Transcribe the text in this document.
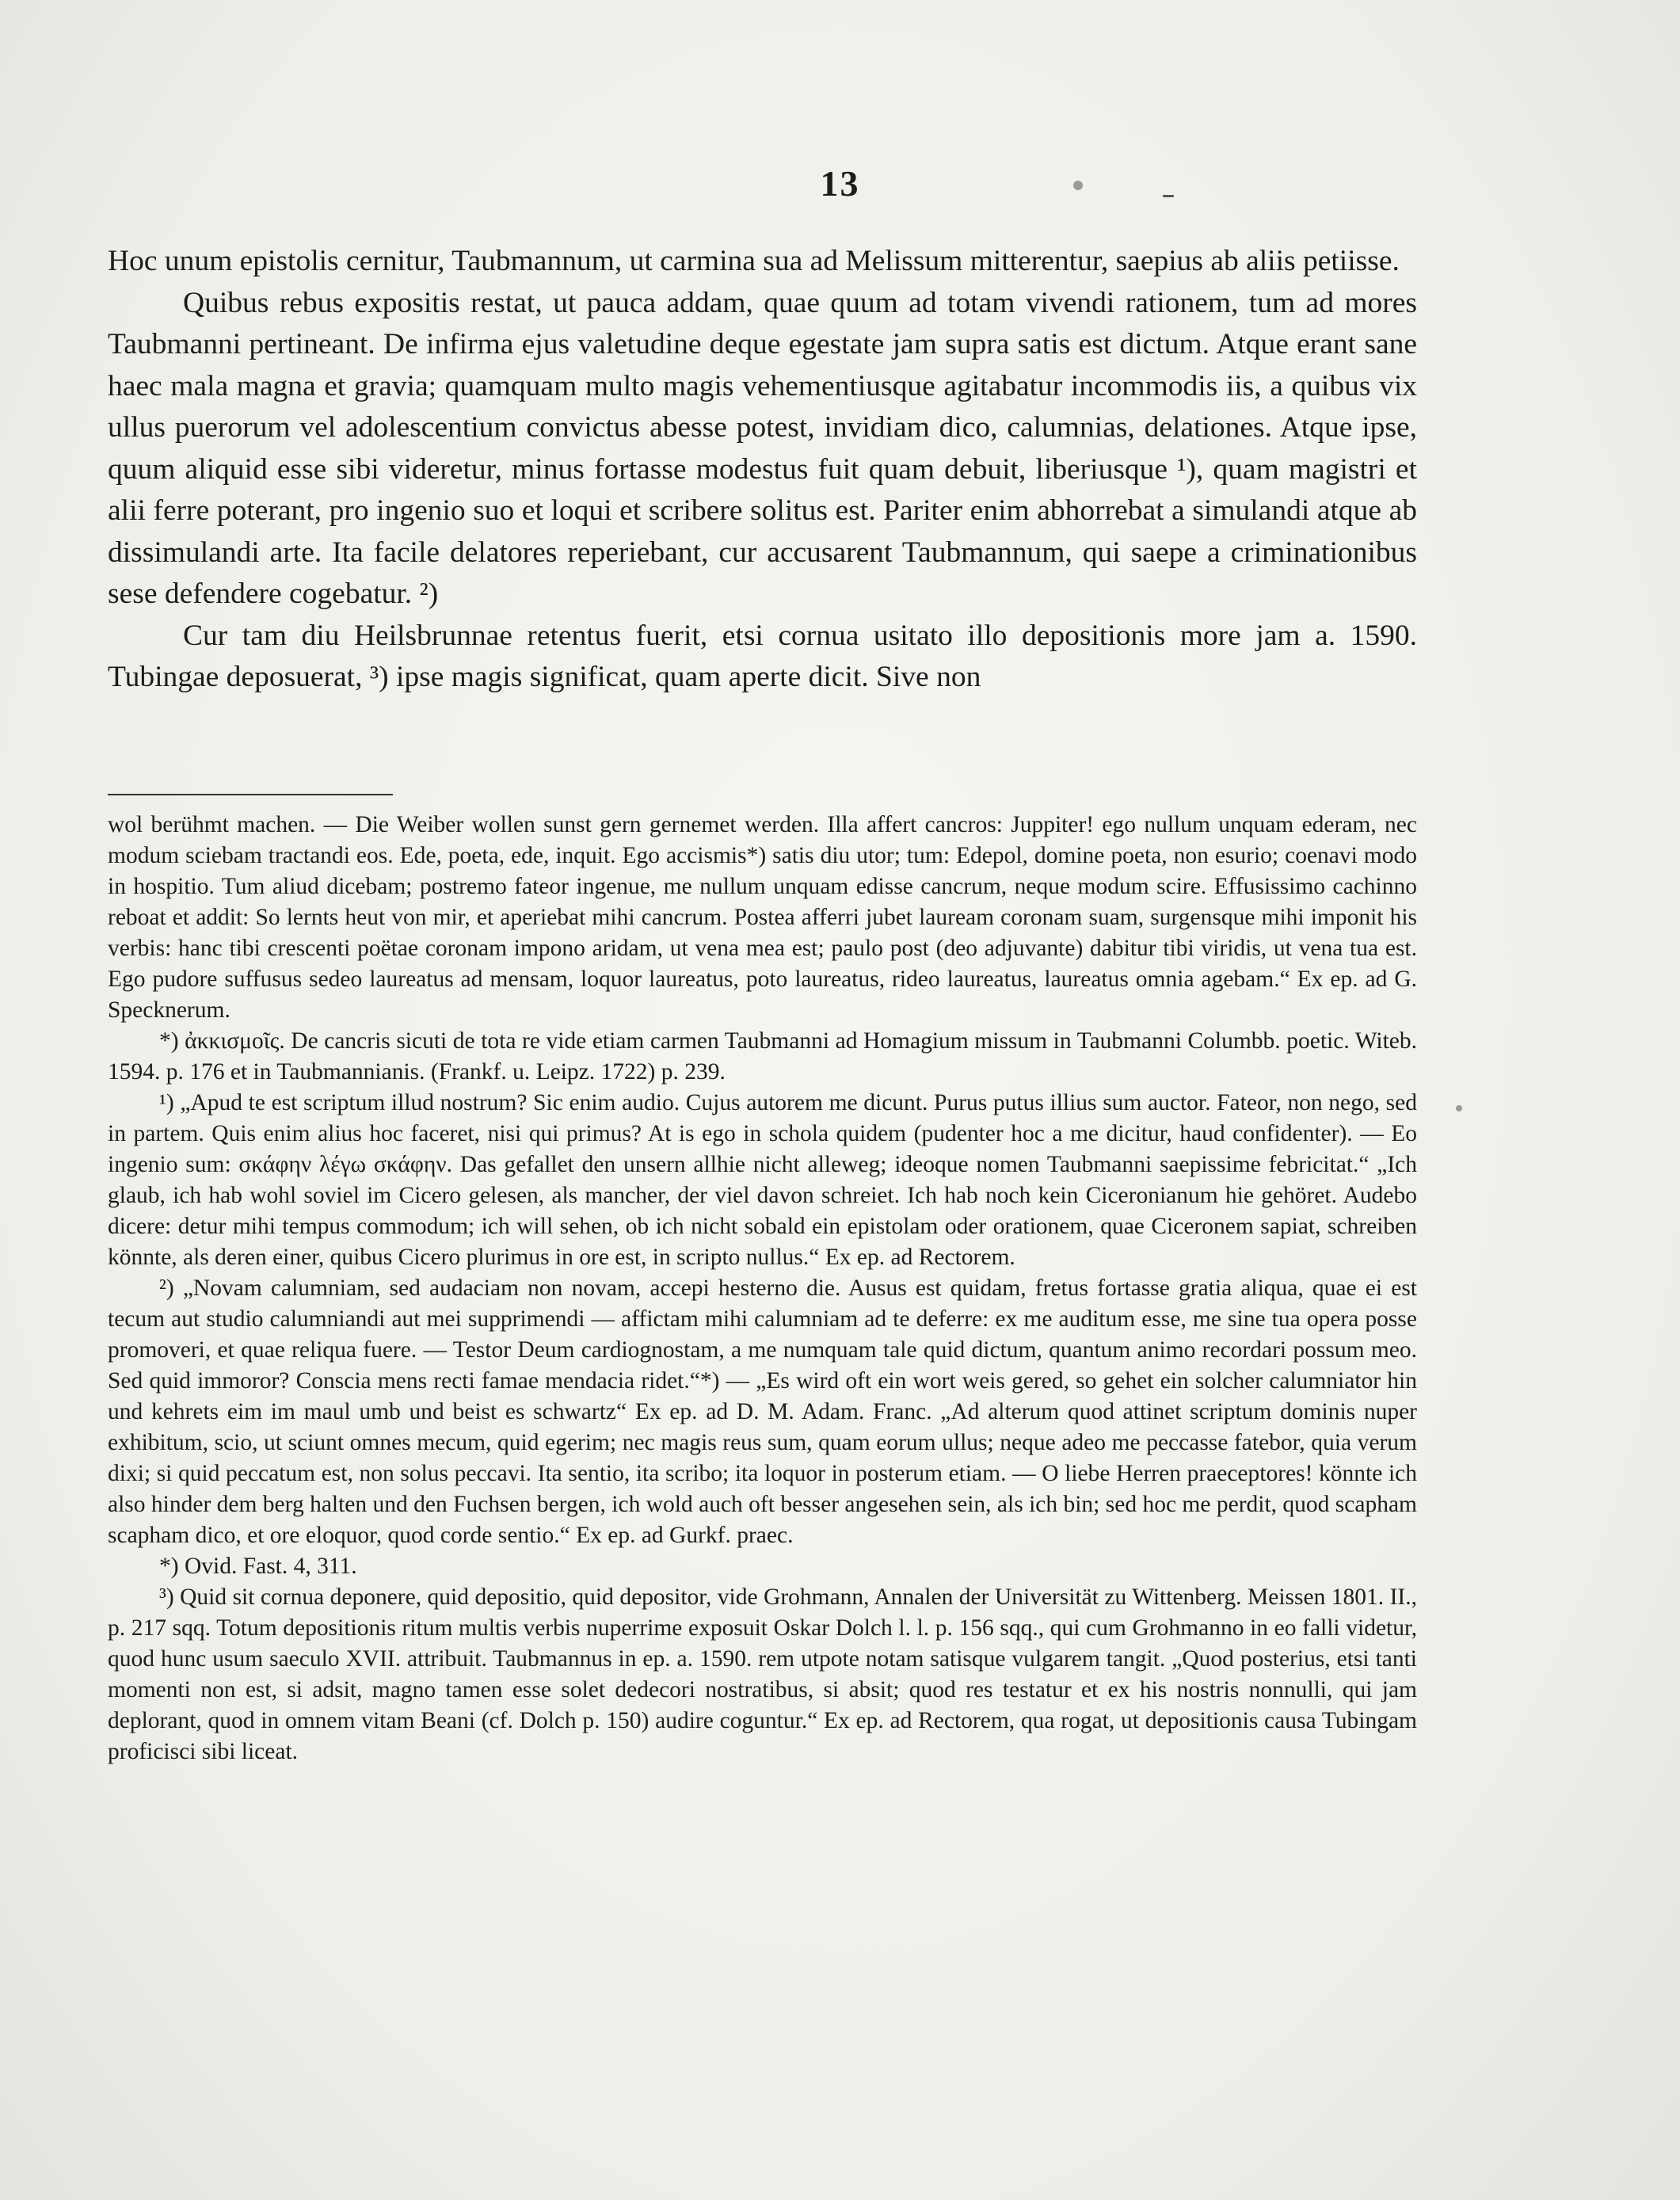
13

Hoc unum epistolis cernitur, Taubmannum, ut carmina sua ad Melissum mitterentur, saepius ab aliis petiisse.

Quibus rebus expositis restat, ut pauca addam, quae quum ad totam vivendi rationem, tum ad mores Taubmanni pertineant. De infirma ejus valetudine deque egestate jam supra satis est dictum. Atque erant sane haec mala magna et gravia; quamquam multo magis vehementiusque agitabatur incommodis iis, a quibus vix ullus puerorum vel adolescentium convictus abesse potest, invidiam dico, calumnias, delationes. Atque ipse, quum aliquid esse sibi videretur, minus fortasse modestus fuit quam debuit, liberiusque ¹), quam magistri et alii ferre poterant, pro ingenio suo et loqui et scribere solitus est. Pariter enim abhorrebat a simulandi atque ab dissimulandi arte. Ita facile delatores reperiebant, cur accusarent Taubmannum, qui saepe a criminationibus sese defendere cogebatur. ²)

Cur tam diu Heilsbrunnae retentus fuerit, etsi cornua usitato illo depositionis more jam a. 1590. Tubingae deposuerat, ³) ipse magis significat, quam aperte dicit. Sive non

wol berühmt machen. — Die Weiber wollen sunst gern gernemet werden. Illa affert cancros: Juppiter! ego nullum unquam ederam, nec modum sciebam tractandi eos. Ede, poeta, ede, inquit. Ego accismis*) satis diu utor; tum: Edepol, domine poeta, non esurio; coenavi modo in hospitio. Tum aliud dicebam; postremo fateor ingenue, me nullum unquam edisse cancrum, neque modum scire. Effusissimo cachinno reboat et addit: So lernts heut von mir, et aperiebat mihi cancrum. Postea afferri jubet lauream coronam suam, surgensque mihi imponit his verbis: hanc tibi crescenti poëtae coronam impono aridam, ut vena mea est; paulo post (deo adjuvante) dabitur tibi viridis, ut vena tua est. Ego pudore suffusus sedeo laureatus ad mensam, loquor laureatus, poto laureatus, rideo laureatus, laureatus omnia agebam.“ Ex ep. ad G. Specknerum.

*) ἀκκισμοῖς. De cancris sicuti de tota re vide etiam carmen Taubmanni ad Homagium missum in Taubmanni Columbb. poetic. Witeb. 1594. p. 176 et in Taubmannianis. (Frankf. u. Leipz. 1722) p. 239.

¹) „Apud te est scriptum illud nostrum? Sic enim audio. Cujus autorem me dicunt. Purus putus illius sum auctor. Fateor, non nego, sed in partem. Quis enim alius hoc faceret, nisi qui primus? At is ego in schola quidem (pudenter hoc a me dicitur, haud confidenter). — Eo ingenio sum: σκάφην λέγω σκάφην. Das gefallet den unsern allhie nicht alleweg; ideoque nomen Taubmanni saepissime febricitat.“ „Ich glaub, ich hab wohl soviel im Cicero gelesen, als mancher, der viel davon schreiet. Ich hab noch kein Ciceronianum hie gehöret. Audebo dicere: detur mihi tempus commodum; ich will sehen, ob ich nicht sobald ein epistolam oder orationem, quae Ciceronem sapiat, schreiben könnte, als deren einer, quibus Cicero plurimus in ore est, in scripto nullus.“ Ex ep. ad Rectorem.

²) „Novam calumniam, sed audaciam non novam, accepi hesterno die. Ausus est quidam, fretus fortasse gratia aliqua, quae ei est tecum aut studio calumniandi aut mei supprimendi — affictam mihi calumniam ad te deferre: ex me auditum esse, me sine tua opera posse promoveri, et quae reliqua fuere. — Testor Deum cardiognostam, a me numquam tale quid dictum, quantum animo recordari possum meo. Sed quid immoror? Conscia mens recti famae mendacia ridet.“*) — „Es wird oft ein wort weis gered, so gehet ein solcher calumniator hin und kehrets eim im maul umb und beist es schwartz“ Ex ep. ad D. M. Adam. Franc. „Ad alterum quod attinet scriptum dominis nuper exhibitum, scio, ut sciunt omnes mecum, quid egerim; nec magis reus sum, quam eorum ullus; neque adeo me peccasse fatebor, quia verum dixi; si quid peccatum est, non solus peccavi. Ita sentio, ita scribo; ita loquor in posterum etiam. — O liebe Herren praeceptores! könnte ich also hinder dem berg halten und den Fuchsen bergen, ich wold auch oft besser angesehen sein, als ich bin; sed hoc me perdit, quod scapham scapham dico, et ore eloquor, quod corde sentio.“ Ex ep. ad Gurkf. praec.

*) Ovid. Fast. 4, 311.

³) Quid sit cornua deponere, quid depositio, quid depositor, vide Grohmann, Annalen der Universität zu Wittenberg. Meissen 1801. II., p. 217 sqq. Totum depositionis ritum multis verbis nuperrime exposuit Oskar Dolch l. l. p. 156 sqq., qui cum Grohmanno in eo falli videtur, quod hunc usum saeculo XVII. attribuit. Taubmannus in ep. a. 1590. rem utpote notam satisque vulgarem tangit. „Quod posterius, etsi tanti momenti non est, si adsit, magno tamen esse solet dedecori nostratibus, si absit; quod res testatur et ex his nostris nonnulli, qui jam deplorant, quod in omnem vitam Beani (cf. Dolch p. 150) audire coguntur.“ Ex ep. ad Rectorem, qua rogat, ut depositionis causa Tubingam proficisci sibi liceat.
